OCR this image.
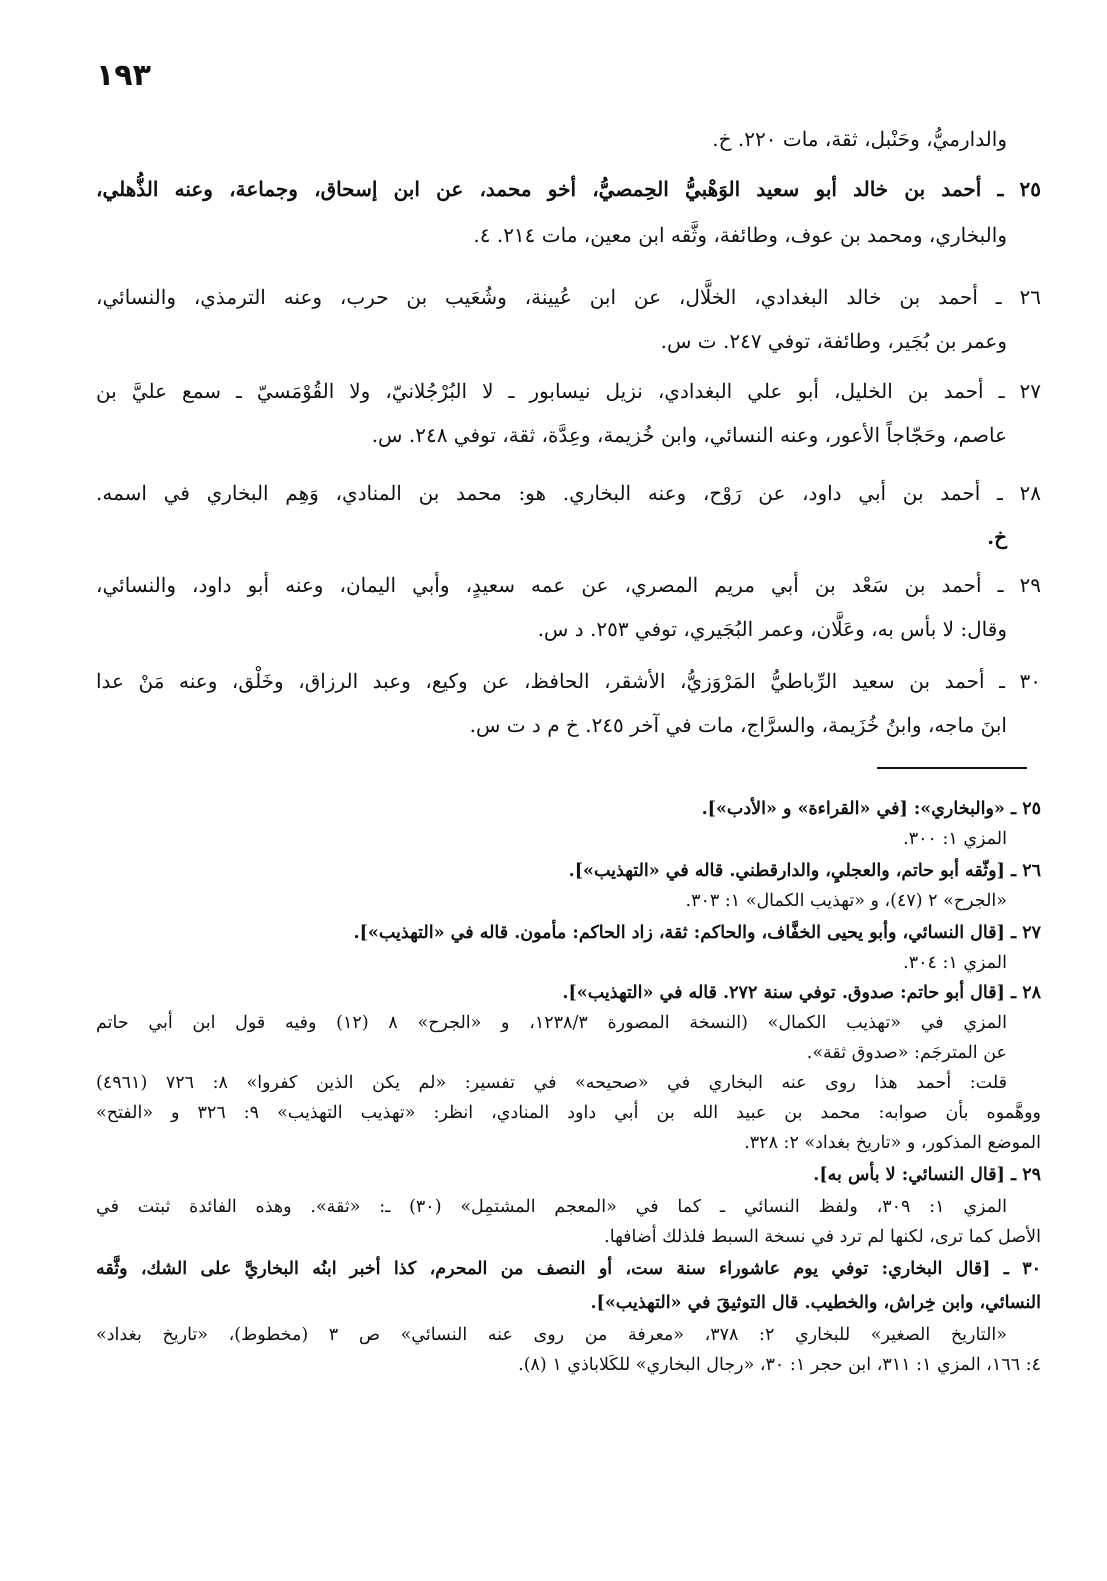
١٩٣
والدارميُّ، وحَنْبل، ثقة، مات ٢٢٠. خ.
٢٥ ـ أحمد بن خالد أبو سعيد الوَهْبيُّ الحِمصيُّ، أخو محمد، عن ابن إسحاق، وجماعة، وعنه الذُّهلي،
والبخاري، ومحمد بن عوف، وطائفة، وثَّقه ابن معين، مات ٢١٤. ٤.
٢٦ ـ أحمد بن خالد البغدادي، الخلَّال، عن ابن عُيينة، وشُعَيب بن حرب، وعنه الترمذي، والنسائي،
وعمر بن بُجَير، وطائفة، توفي ٢٤٧. ت س.
٢٧ ـ أحمد بن الخليل، أبو علي البغدادي، نزيل نيسابور ـ لا البُرْجُلانيّ، ولا القُوْمَسيّ ـ سمع عليَّ بن
عاصم، وحَجّاجاً الأعور، وعنه النسائي، وابن خُزيمة، وعِدَّة، ثقة، توفي ٢٤٨. س.
٢٨ ـ أحمد بن أبي داود، عن رَوْح، وعنه البخاري. هو: محمد بن المنادي، وَهِم البخاري في اسمه.
خ.
٢٩ ـ أحمد بن سَعْد بن أبي مريم المصري، عن عمه سعيدٍ، وأبي اليمان، وعنه أبو داود، والنسائي،
وقال: لا بأس به، وعَلَّان، وعمر البُجَيري، توفي ٢٥٣. د س.
٣٠ ـ أحمد بن سعيد الرِّباطيُّ المَرْوَزيُّ، الأشقر، الحافظ، عن وكيع، وعبد الرزاق، وخَلْق، وعنه مَنْ عدا
ابنَ ماجه، وابنُ خُزَيمة، والسرَّاج، مات في آخر ٢٤٥. خ م د ت س.
٢٥ ـ «والبخاري»: [في «القراءة» و «الأدب»].
المزي ١: ٣٠٠.
٢٦ ـ [وثّقه أبو حاتم، والعجليِ، والدارقطني. قاله في «التهذيب»].
«الجرح» ٢ (٤٧)، و «تهذيب الكمال» ١: ٣٠٣.
٢٧ ـ [قال النسائي، وأبو يحيى الخفَّاف، والحاكم: ثقة، زاد الحاكم: مأمون. قاله في «التهذيب»].
المزي ١: ٣٠٤.
٢٨ ـ [قال أبو حاتم: صدوق. توفي سنة ٢٧٢. قاله في «التهذيب»].
المزي في «تهذيب الكمال» (النسخة المصورة ١٢٣٨/٣، و «الجرح» ٨ (١٢) وفيه قول ابن أبي حاتم
عن المترجَم: «صدوق ثقة».
قلت: أحمد هذا روى عنه البخاري في «صحيحه» في تفسير: «لم يكن الذين كفروا» ٨: ٧٢٦ (٤٩٦١)
ووهَّموه بأن صوابه: محمد بن عبيد الله بن أبي داود المنادي، انظر: «تهذيب التهذيب» ٩: ٣٢٦ و «الفتح»
الموضع المذكور، و «تاريخ بغداد» ٢: ٣٢٨.
٢٩ ـ [قال النسائي: لا بأس به].
المزي ١: ٣٠٩، ولفظ النسائي ـ كما في «المعجم المشتمِل» (٣٠) ـ: «ثقة». وهذه الفائدة ثبتت في
الأصل كما ترى، لكنها لم ترد في نسخة السبط فلذلك أضافها.
٣٠ ـ [قال البخاري: توفي يوم عاشوراء سنة ست، أو النصف من المحرم، كذا أخبر ابنُه البخاريَّ على الشك، وثَّقه
النسائي، وابن خِراش، والخطيب. قال التوثيقَ في «التهذيب»].
«التاريخ الصغير» للبخاري ٢: ٣٧٨، «معرفة من روى عنه النسائي» ص ٣ (مخطوط)، «تاريخ بغداد»
٤: ١٦٦، المزي ١: ٣١١، ابن حجر ١: ٣٠، «رجال البخاري» للكَلاباذي ١ (٨).
